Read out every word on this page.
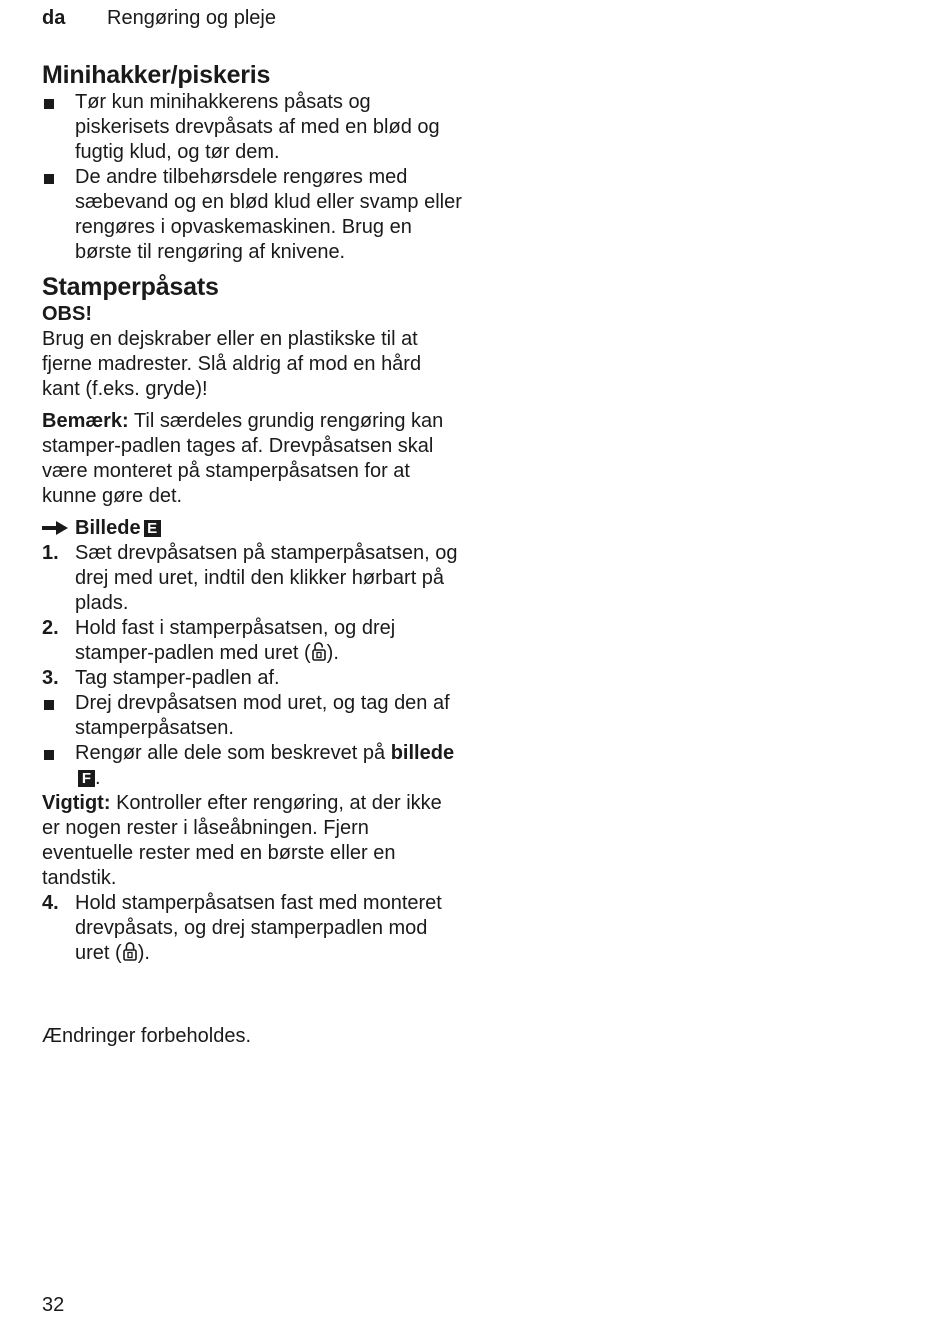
da	Rengøring og pleje
Minihakker/piskeris
Tør kun minihakkerens påsats og piskerisets drevpåsats af med en blød og fugtig klud, og tør dem.
De andre tilbehørsdele rengøres med sæbevand og en blød klud eller svamp eller rengøres i opvaskemaskinen. Brug en børste til rengøring af knivene.
Stamperpåsats

OBS!

Brug en dejskraber eller en plastikske til at fjerne madrester. Slå aldrig af mod en hård kant (f.eks. gryde)!

Bemærk: Til særdeles grundig rengøring kan stamper-padlen tages af. Drevpåsatsen skal være monteret på stamperpåsatsen for at kunne gøre det.

Billede E
1. Sæt drevpåsatsen på stamperpåsatsen, og drej med uret, indtil den klikker hørbart på plads.
2. Hold fast i stamperpåsatsen, og drej stamper-padlen med uret ( ).
3. Tag stamper-padlen af.
Drej drevpåsatsen mod uret, og tag den af stamperpåsatsen.
Rengør alle dele som beskrevet på billedeF .

Vigtigt: Kontroller efter rengøring, at der ikke er nogen rester i låseåbningen. Fjern eventuelle rester med en børste eller en tandstik.

4. Hold stamperpåsatsen fast med monteret drevpåsats, og drej stamperpadlen mod uret ( ).

Ændringer forbeholdes.

32
